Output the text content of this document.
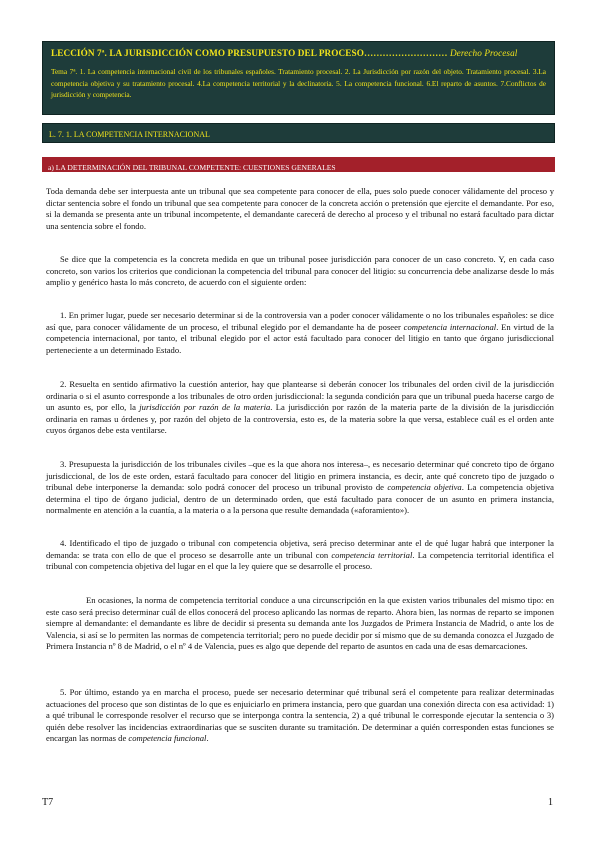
LECCIÓN 7ª. LA JURISDICCIÓN COMO PRESUPUESTO DEL PROCESO……………………… Derecho Procesal
Tema 7ª. 1. La competencia internacional civil de los tribunales españoles. Tratamiento procesal. 2. La Jurisdicción por razón del objeto. Tratamiento procesal. 3.La competencia objetiva y su tratamiento procesal. 4.La competencia territorial y la declinatoria. 5. La competencia funcional. 6.El reparto de asuntos. 7.Conflictos de jurisdicción y competencia.
L. 7. 1. LA COMPETENCIA INTERNACIONAL
a) LA DETERMINACIÓN DEL TRIBUNAL COMPETENTE: CUESTIONES GENERALES

Toda demanda debe ser interpuesta ante un tribunal que sea competente para conocer de ella, pues solo puede conocer válidamente del proceso y dictar sentencia sobre el fondo un tribunal que sea competente para conocer de la concreta acción o pretensión que ejercite el demandante. Por eso, si la demanda se presenta ante un tribunal incompetente, el demandante carecerá de derecho al proceso y el tribunal no estará facultado para dictar una sentencia sobre el fondo.

Se dice que la competencia es la concreta medida en que un tribunal posee jurisdicción para conocer de un caso concreto. Y, en cada caso concreto, son varios los criterios que condicionan la competencia del tribunal para conocer del litigio: su concurrencia debe analizarse desde lo más amplio y genérico hasta lo más concreto, de acuerdo con el siguiente orden:

1. En primer lugar, puede ser necesario determinar si de la controversia van a poder conocer válidamente o no los tribunales españoles: se dice así que, para conocer válidamente de un proceso, el tribunal elegido por el demandante ha de poseer competencia internacional. En virtud de la competencia internacional, por tanto, el tribunal elegido por el actor está facultado para conocer del litigio en tanto que órgano jurisdiccional perteneciente a un determinado Estado.

2. Resuelta en sentido afirmativo la cuestión anterior, hay que plantearse si deberán conocer los tribunales del orden civil de la jurisdicción ordinaria o si el asunto corresponde a los tribunales de otro orden jurisdiccional: la segunda condición para que un tribunal pueda hacerse cargo de un asunto es, por ello, la jurisdicción por razón de la materia. La jurisdicción por razón de la materia parte de la división de la jurisdicción ordinaria en ramas u órdenes y, por razón del objeto de la controversia, esto es, de la materia sobre la que versa, establece cuál es el orden ante cuyos órganos debe esta ventilarse.

3. Presupuesta la jurisdicción de los tribunales civiles –que es la que ahora nos interesa–, es necesario determinar qué concreto tipo de órgano jurisdiccional, de los de este orden, estará facultado para conocer del litigio en primera instancia, es decir, ante qué concreto tipo de juzgado o tribunal debe interponerse la demanda: solo podrá conocer del proceso un tribunal provisto de competencia objetiva. La competencia objetiva determina el tipo de órgano judicial, dentro de un determinado orden, que está facultado para conocer de un asunto en primera instancia, normalmente en atención a la cuantía, a la materia o a la persona que resulte demandada («aforamiento»).

4. Identificado el tipo de juzgado o tribunal con competencia objetiva, será preciso determinar ante el de qué lugar habrá que interponer la demanda: se trata con ello de que el proceso se desarrolle ante un tribunal con competencia territorial. La competencia territorial identifica el tribunal con competencia objetiva del lugar en el que la ley quiere que se desarrolle el proceso.

En ocasiones, la norma de competencia territorial conduce a una circunscripción en la que existen varios tribunales del mismo tipo: en este caso será preciso determinar cuál de ellos conocerá del proceso aplicando las normas de reparto. Ahora bien, las normas de reparto se imponen siempre al demandante: el demandante es libre de decidir si presenta su demanda ante los Juzgados de Primera Instancia de Madrid, o ante los de Valencia, si así se lo permiten las normas de competencia territorial; pero no puede decidir por sí mismo que de su demanda conozca el Juzgado de Primera Instancia nº 8 de Madrid, o el nº 4 de Valencia, pues es algo que depende del reparto de asuntos en cada una de esas demarcaciones.

5. Por último, estando ya en marcha el proceso, puede ser necesario determinar qué tribunal será el competente para realizar determinadas actuaciones del proceso que son distintas de lo que es enjuiciarlo en primera instancia, pero que guardan una conexión directa con esa actividad: 1) a qué tribunal le corresponde resolver el recurso que se interponga contra la sentencia, 2) a qué tribunal le corresponde ejecutar la sentencia o 3) quién debe resolver las incidencias extraordinarias que se susciten durante su tramitación. De determinar a quién corresponden estas funciones se encargan las normas de competencia funcional.

T7	1
